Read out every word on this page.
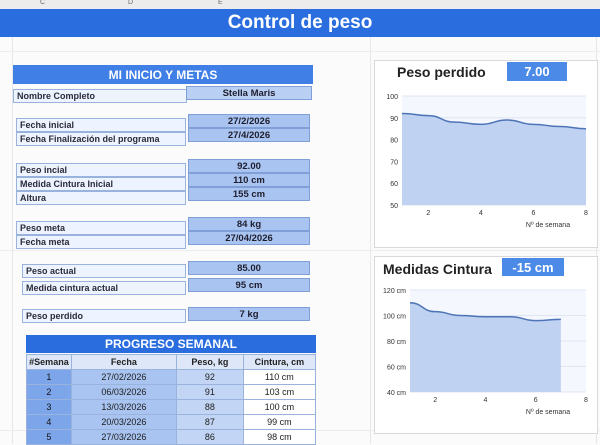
C	D	E
Control de peso
MI INICIO Y METAS
Nombre Completo	Stella Maris
Fecha inicial	27/2/2026
Fecha Finalización del programa	27/4/2026
Peso incial	92.00
Medida Cintura Inicial	110 cm
Altura	155 cm
Peso meta	84 kg
Fecha meta	27/04/2026
Peso actual	85.00
Medida cintura actual	95 cm
Peso perdido	7 kg
PROGRESO SEMANAL
#Semana	Fecha	Peso, kg	Cintura, cm
1	27/02/2026	92	110 cm
2	06/03/2026	91	103 cm
3	13/03/2026	88	100 cm
4	20/03/2026	87	99 cm
5	27/03/2026	86	98 cm
Peso perdido	7.00
50
60
70
80
90
100
2	4	6	8
Nº de semana
Medidas Cintura	-15 cm
40 cm
60 cm
80 cm
100 cm
120 cm
2	4	6	8
Nº de semana
